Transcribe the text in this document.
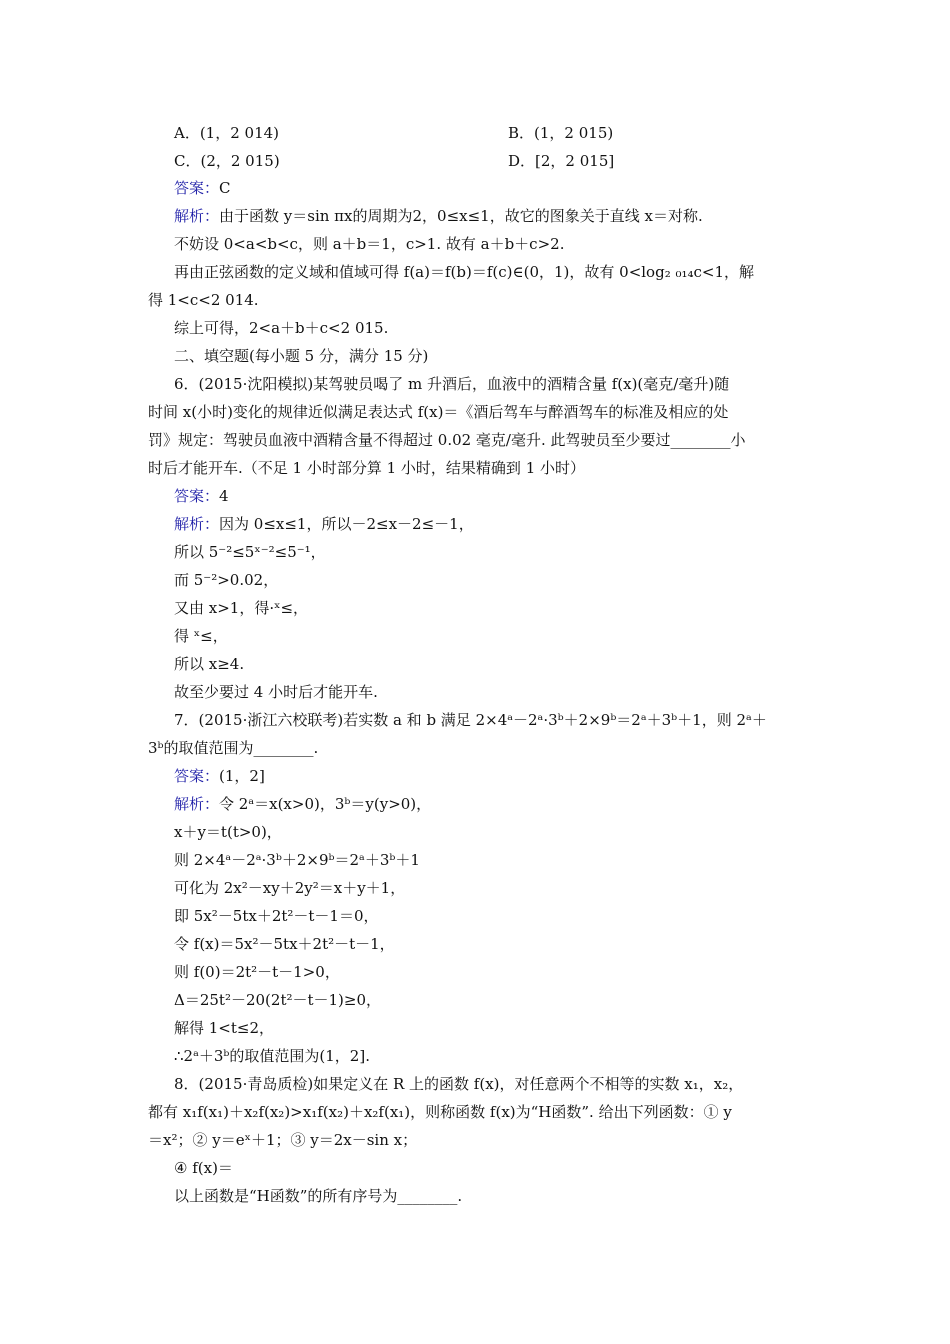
A．(1，2 014)	B．(1，2 015)
C．(2，2 015)	D．[2，2 015]
答案：C
解析：由于函数 y＝sin πx的周期为2，0≤x≤1，故它的图象关于直线 x＝对称.
不妨设 0<a<b<c，则 a＋b＝1，c>1. 故有 a＋b＋c>2.
再由正弦函数的定义域和值域可得 f(a)＝f(b)＝f(c)∈(0，1)，故有 0<log₂ ₀₁₄c<1，解
得 1<c<2 014.
综上可得，2<a＋b＋c<2 015.
二、填空题(每小题 5 分，满分 15 分)
6．(2015·沈阳模拟)某驾驶员喝了 m 升酒后，血液中的酒精含量 f(x)(毫克/毫升)随
时间 x(小时)变化的规律近似满足表达式 f(x)＝《酒后驾车与醉酒驾车的标准及相应的处
罚》规定：驾驶员血液中酒精含量不得超过 0.02 毫克/毫升. 此驾驶员至少要过________小
时后才能开车.（不足 1 小时部分算 1 小时，结果精确到 1 小时）
答案：4
解析：因为 0≤x≤1，所以－2≤x－2≤－1，
所以 5⁻²≤5ˣ⁻²≤5⁻¹，
而 5⁻²>0.02，
又由 x>1，得·ˣ≤，
得 ˣ≤，
所以 x≥4.
故至少要过 4 小时后才能开车.
7．(2015·浙江六校联考)若实数 a 和 b 满足 2×4ᵃ－2ᵃ·3ᵇ＋2×9ᵇ＝2ᵃ＋3ᵇ＋1，则 2ᵃ＋
3ᵇ的取值范围为________.
答案：(1，2]
解析：令 2ᵃ＝x(x>0)，3ᵇ＝y(y>0)，
x＋y＝t(t>0)，
则 2×4ᵃ－2ᵃ·3ᵇ＋2×9ᵇ＝2ᵃ＋3ᵇ＋1
可化为 2x²－xy＋2y²＝x＋y＋1，
即 5x²－5tx＋2t²－t－1＝0，
令 f(x)＝5x²－5tx＋2t²－t－1，
则 f(0)＝2t²－t－1>0，
Δ＝25t²－20(2t²－t－1)≥0，
解得 1<t≤2，
∴2ᵃ＋3ᵇ的取值范围为(1，2].
8．(2015·青岛质检)如果定义在 R 上的函数 f(x)，对任意两个不相等的实数 x₁，x₂，
都有 x₁f(x₁)＋x₂f(x₂)>x₁f(x₂)＋x₂f(x₁)，则称函数 f(x)为“H函数”. 给出下列函数：① y
＝x²；② y＝eˣ＋1；③ y＝2x－sin x；
④ f(x)＝
以上函数是“H函数”的所有序号为________.
